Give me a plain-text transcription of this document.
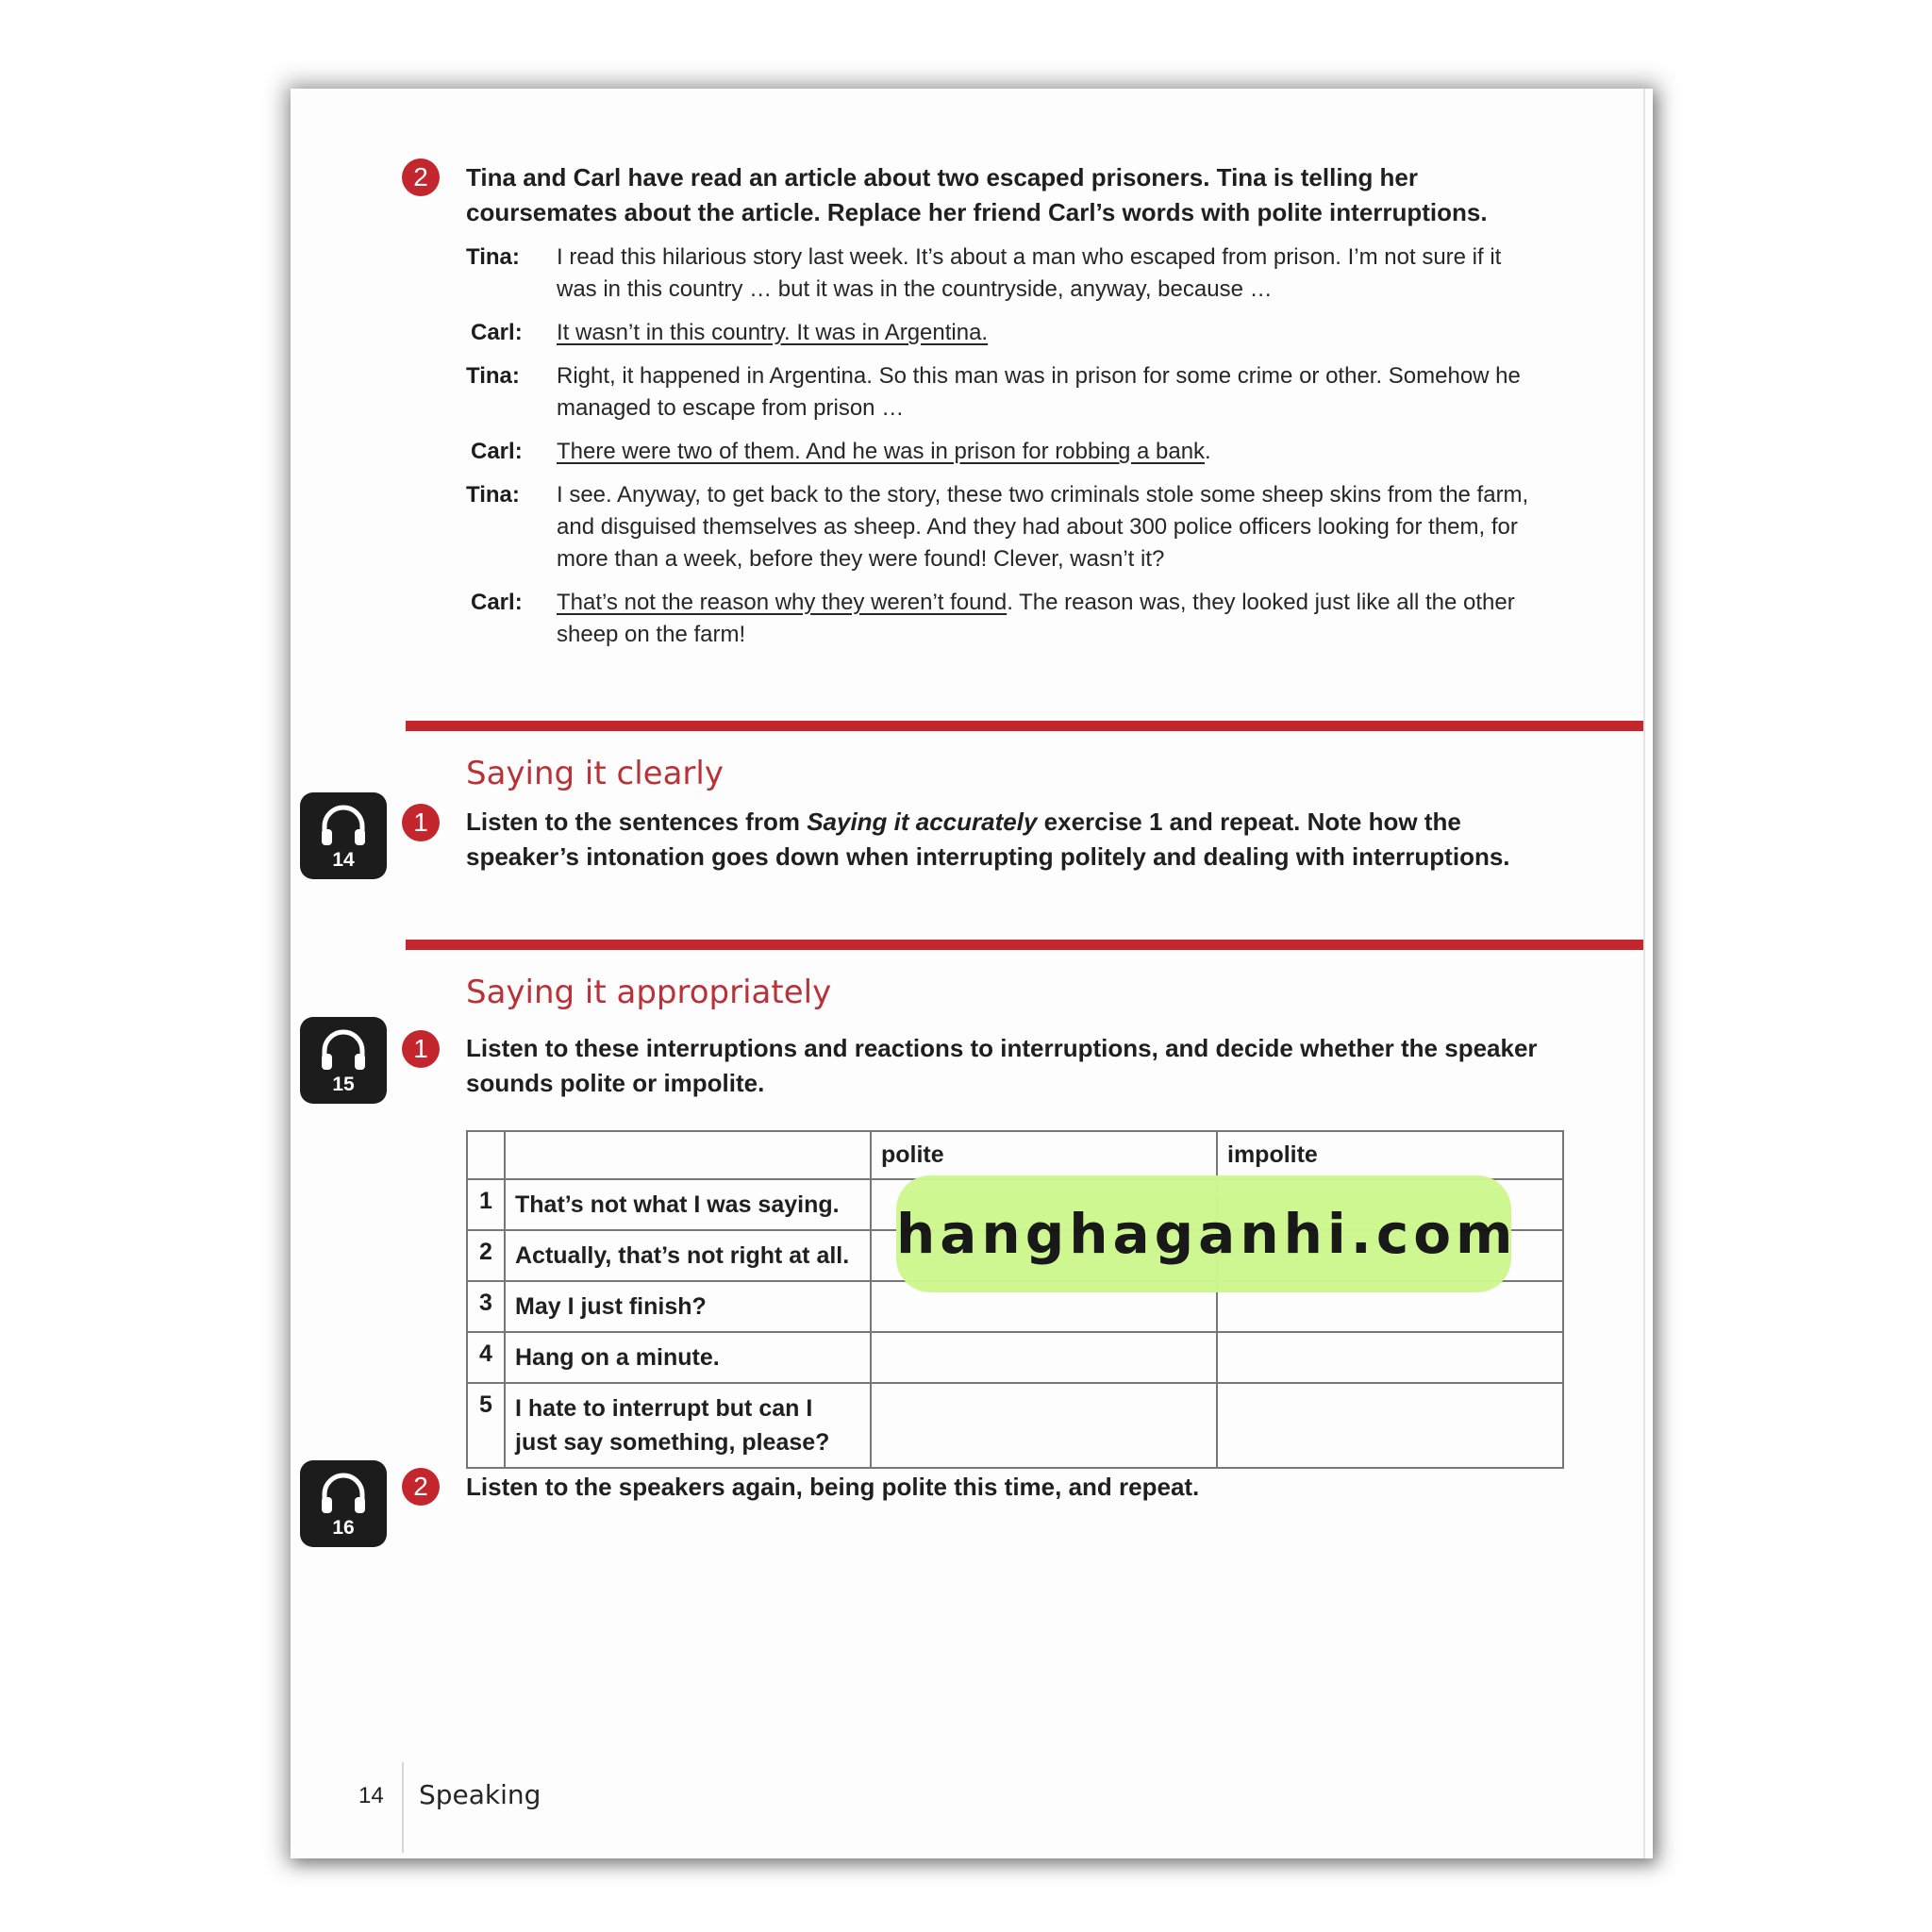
2	Tina and Carl have read an article about two escaped prisoners. Tina is telling her coursemates about the article. Replace her friend Carl’s words with polite interruptions.
Tina:	I read this hilarious story last week. It’s about a man who escaped from prison. I’m not sure if it was in this country … but it was in the countryside, anyway, because …
Carl:	It wasn’t in this country. It was in Argentina.
Tina:	Right, it happened in Argentina. So this man was in prison for some crime or other. Somehow he managed to escape from prison …
Carl:	There were two of them. And he was in prison for robbing a bank.
Tina:	I see. Anyway, to get back to the story, these two criminals stole some sheep skins from the farm, and disguised themselves as sheep. And they had about 300 police officers looking for them, for more than a week, before they were found! Clever, wasn’t it?
Carl:	That’s not the reason why they weren’t found. The reason was, they looked just like all the other sheep on the farm!
Saying it clearly
14
1	Listen to the sentences from Saying it accurately exercise 1 and repeat. Note how the speaker’s intonation goes down when interrupting politely and dealing with interruptions.
Saying it appropriately
15
1	Listen to these interruptions and reactions to interruptions, and decide whether the speaker sounds polite or impolite.
		polite	impolite
1	That’s not what I was saying.		
2	Actually, that’s not right at all.		
3	May I just finish?		
4	Hang on a minute.		
5	I hate to interrupt but can I just say something, please?		
hanghaganhi.com
16
2	Listen to the speakers again, being polite this time, and repeat.
14 Speaking
